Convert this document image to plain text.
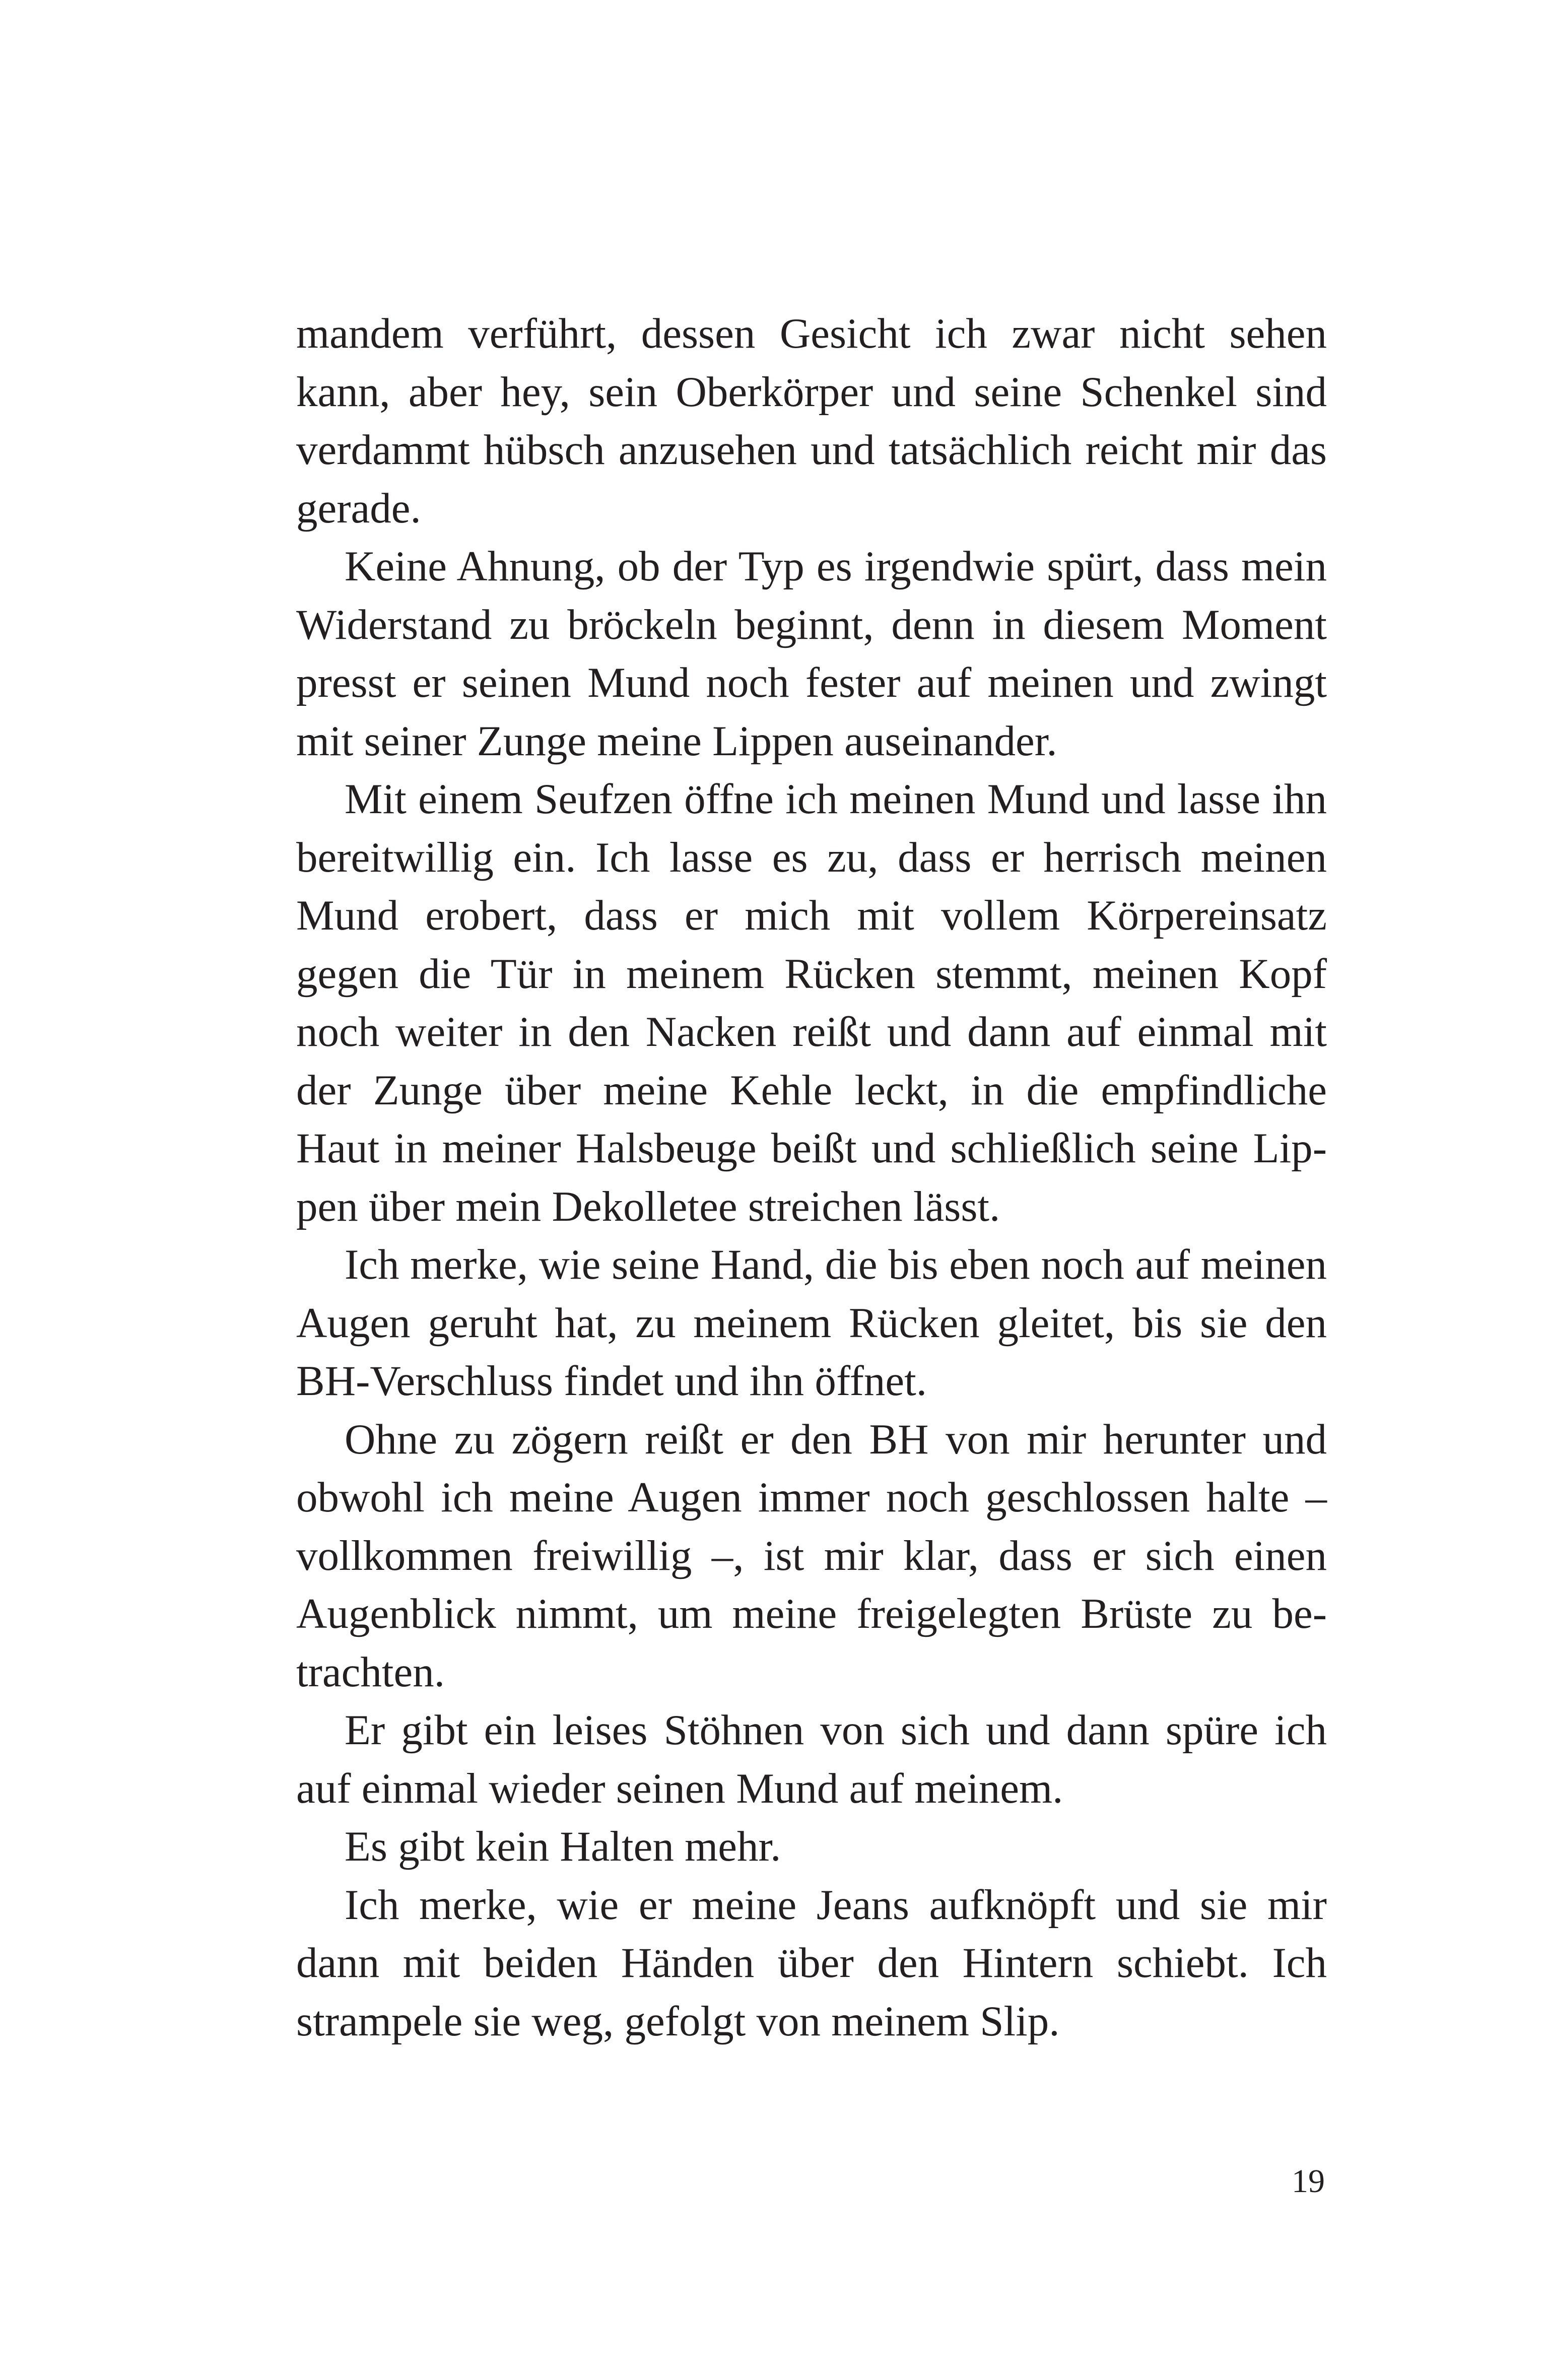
mandem verführt, dessen Gesicht ich zwar nicht sehen kann, aber hey, sein Oberkörper und seine Schenkel sind verdammt hübsch anzusehen und tatsächlich reicht mir das gerade.

Keine Ahnung, ob der Typ es irgendwie spürt, dass mein Widerstand zu bröckeln beginnt, denn in diesem Moment presst er seinen Mund noch fester auf meinen und zwingt mit seiner Zunge meine Lippen auseinander.

Mit einem Seufzen öffne ich meinen Mund und lasse ihn bereitwillig ein. Ich lasse es zu, dass er herrisch meinen Mund erobert, dass er mich mit vollem Körpereinsatz gegen die Tür in meinem Rücken stemmt, meinen Kopf noch weiter in den Nacken reißt und dann auf einmal mit der Zunge über meine Kehle leckt, in die empfindliche Haut in meiner Halsbeuge beißt und schließlich seine Lippen über mein Dekolletee streichen lässt.

Ich merke, wie seine Hand, die bis eben noch auf meinen Augen geruht hat, zu meinem Rücken gleitet, bis sie den BH-Verschluss findet und ihn öffnet.

Ohne zu zögern reißt er den BH von mir herunter und obwohl ich meine Augen immer noch geschlossen halte – vollkommen freiwillig –, ist mir klar, dass er sich einen Augenblick nimmt, um meine freigelegten Brüste zu betrachten.

Er gibt ein leises Stöhnen von sich und dann spüre ich auf einmal wieder seinen Mund auf meinem.

Es gibt kein Halten mehr.

Ich merke, wie er meine Jeans aufknöpft und sie mir dann mit beiden Händen über den Hintern schiebt. Ich strampele sie weg, gefolgt von meinem Slip.

19
